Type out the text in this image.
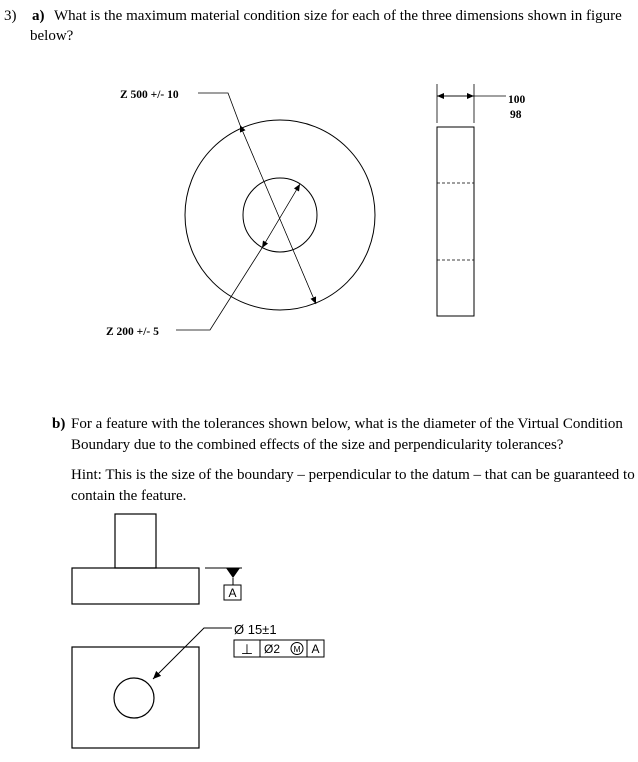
3) a) What is the maximum material condition size for each of the three dimensions shown in figure
below?
Z 500 +/- 10
Z 200 +/- 5
100
98
b) For a feature with the tolerances shown below, what is the diameter of the Virtual Condition Boundary due to the combined effects of the size and perpendicularity tolerances?
Hint: This is the size of the boundary – perpendicular to the datum – that can be guaranteed to contain the feature.
A
Ø 15±1
⊥ Ø2 M A
